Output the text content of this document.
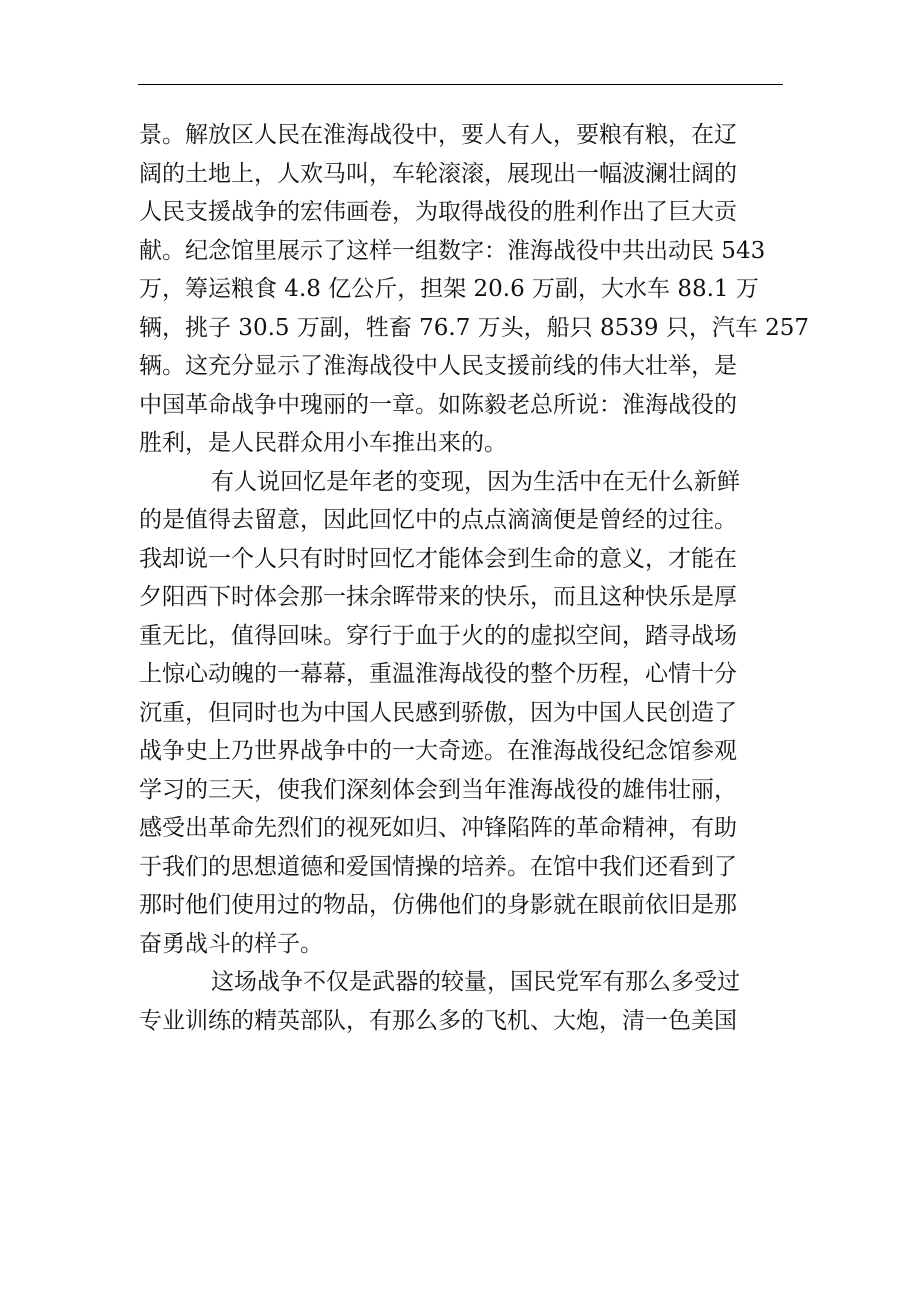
景。解放区人民在淮海战役中，要人有人，要粮有粮，在辽
阔的土地上，人欢马叫，车轮滚滚，展现出一幅波澜壮阔的
人民支援战争的宏伟画卷，为取得战役的胜利作出了巨大贡
献。纪念馆里展示了这样一组数字：淮海战役中共出动民 543
万，筹运粮食 4.8 亿公斤，担架 20.6 万副，大水车 88.1 万
辆，挑子 30.5 万副，牲畜 76.7 万头，船只 8539 只，汽车 257
辆。这充分显示了淮海战役中人民支援前线的伟大壮举，是
中国革命战争中瑰丽的一章。如陈毅老总所说：淮海战役的
胜利，是人民群众用小车推出来的。
有人说回忆是年老的变现，因为生活中在无什么新鲜
的是值得去留意，因此回忆中的点点滴滴便是曾经的过往。
我却说一个人只有时时回忆才能体会到生命的意义，才能在
夕阳西下时体会那一抹余晖带来的快乐，而且这种快乐是厚
重无比，值得回味。穿行于血于火的的虚拟空间，踏寻战场
上惊心动魄的一幕幕，重温淮海战役的整个历程，心情十分
沉重，但同时也为中国人民感到骄傲，因为中国人民创造了
战争史上乃世界战争中的一大奇迹。在淮海战役纪念馆参观
学习的三天，使我们深刻体会到当年淮海战役的雄伟壮丽，
感受出革命先烈们的视死如归、冲锋陷阵的革命精神，有助
于我们的思想道德和爱国情操的培养。在馆中我们还看到了
那时他们使用过的物品，仿佛他们的身影就在眼前依旧是那
奋勇战斗的样子。
这场战争不仅是武器的较量，国民党军有那么多受过
专业训练的精英部队，有那么多的飞机、大炮，清一色美国
